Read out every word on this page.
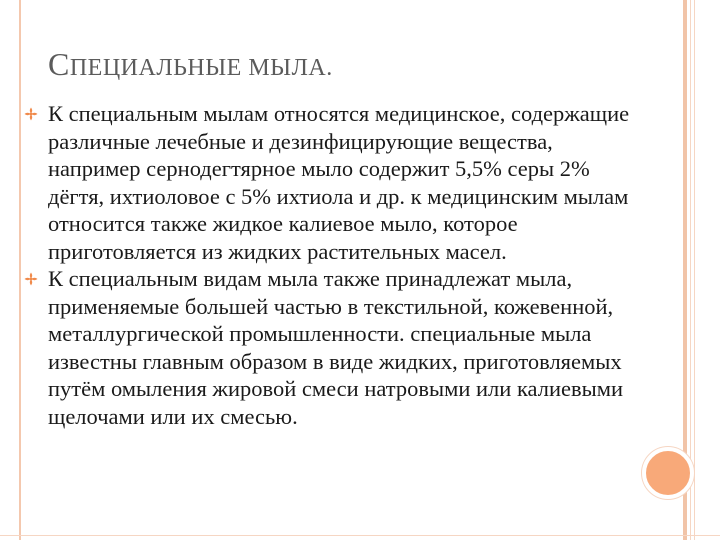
СПЕЦИАЛЬНЫЕ МЫЛА.
К специальным мылам относятся медицинское, содержащие различные лечебные и дезинфицирующие вещества, например сернодегтярное мыло содержит 5,5% серы 2% дёгтя, ихтиоловое с 5% ихтиола и др. к медицинским мылам относится также жидкое калиевое мыло, которое приготовляется из жидких растительных масел.
К специальным видам мыла также принадлежат мыла, применяемые большей частью в текстильной, кожевенной, металлургической промышленности. специальные мыла известны главным образом в виде жидких, приготовляемых путём омыления жировой смеси натровыми или калиевыми щелочами или их смесью.
